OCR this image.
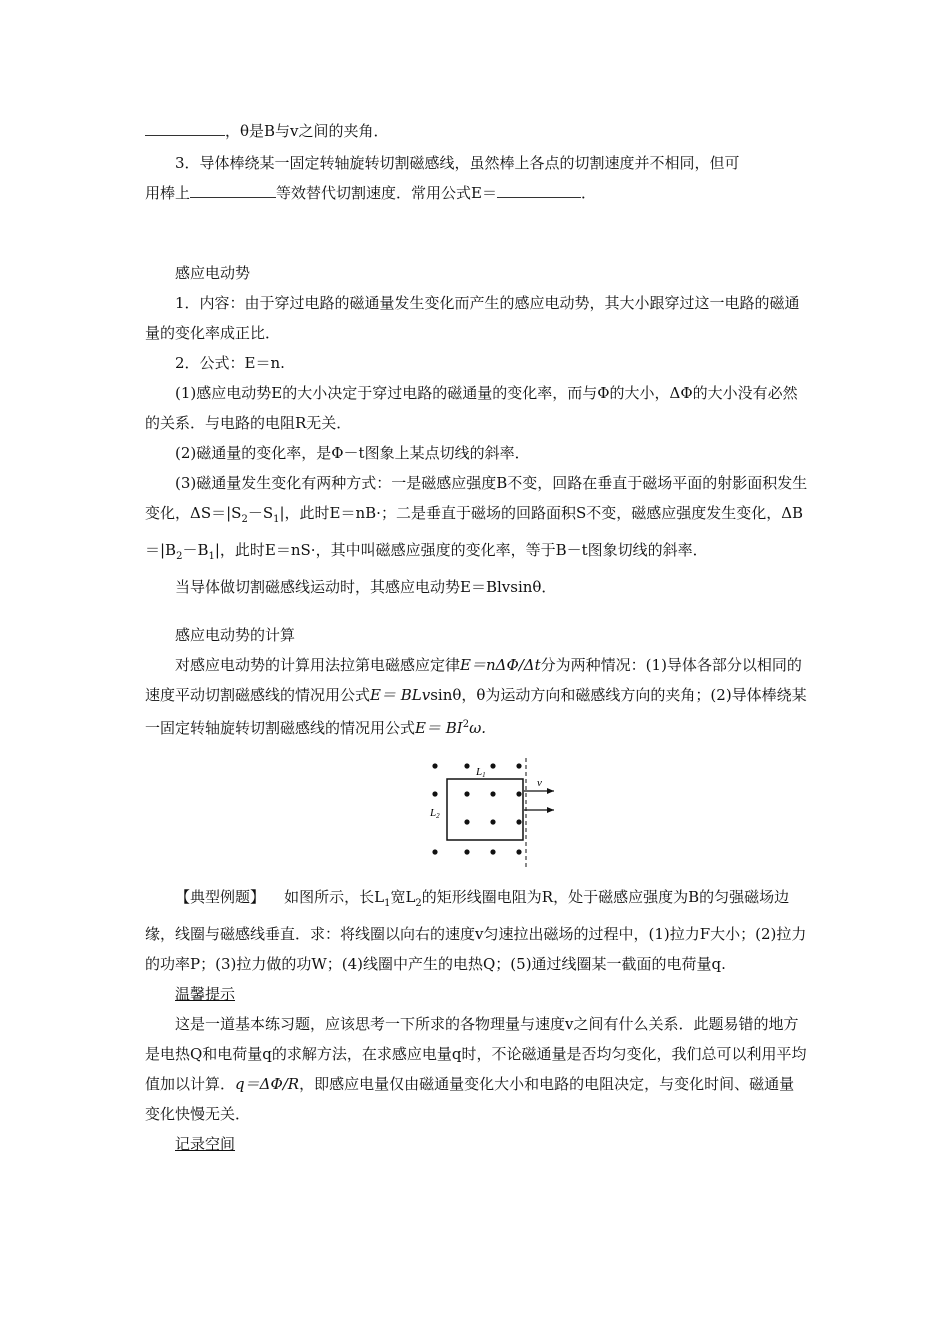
，θ是B与v之间的夹角．

3．导体棒绕某一固定转轴旋转切割磁感线，虽然棒上各点的切割速度并不相同，但可

用棒上	等效替代切割速度．常用公式E＝	．

感应电动势

1．内容：由于穿过电路的磁通量发生变化而产生的感应电动势，其大小跟穿过这一电路的磁通量的变化率成正比．

2．公式：E＝n.

(1)感应电动势E的大小决定于穿过电路的磁通量的变化率，而与Φ的大小，ΔΦ的大小没有必然的关系．与电路的电阻R无关．

(2)磁通量的变化率，是Φ－t图象上某点切线的斜率．

(3)磁通量发生变化有两种方式：一是磁感应强度B不变，回路在垂直于磁场平面的射影面积发生变化，$\Delta S=|S_2-S_1|$，此时E＝nB·；二是垂直于磁场的回路面积S不变，磁感应强度发生变化，$\Delta B=|B_2-B_1|$，此时E＝nS·，其中叫磁感应强度的变化率，等于B－t图象切线的斜率．

当导体做切割磁感线运动时，其感应电动势E＝Blvsinθ．

感应电动势的计算

对感应电动势的计算用法拉第电磁感应定律E＝nΔΦ/Δt分为两种情况：(1)导体各部分以相同的速度平动切割磁感线的情况用公式E＝ BLvsinθ，θ为运动方向和磁感线方向的夹角；(2)导体棒绕某一固定转轴旋转切割磁感线的情况用公式$E= BI^2\omega$.

L1
L2
v

【典型例题】 如图所示，长$L_1$宽$L_2$的矩形线圈电阻为R，处于磁感应强度为B的匀强磁场边缘，线圈与磁感线垂直．求：将线圈以向右的速度v匀速拉出磁场的过程中，(1)拉力F大小；(2)拉力的功率P；(3)拉力做的功W；(4)线圈中产生的电热Q；(5)通过线圈某一截面的电荷量q.

温馨提示

这是一道基本练习题，应该思考一下所求的各物理量与速度v之间有什么关系．此题易错的地方是电热Q和电荷量q的求解方法，在求感应电量q时，不论磁通量是否均匀变化，我们总可以利用平均值加以计算．q＝ΔΦ/R，即感应电量仅由磁通量变化大小和电路的电阻决定，与变化时间、磁通量变化快慢无关．

记录空间
